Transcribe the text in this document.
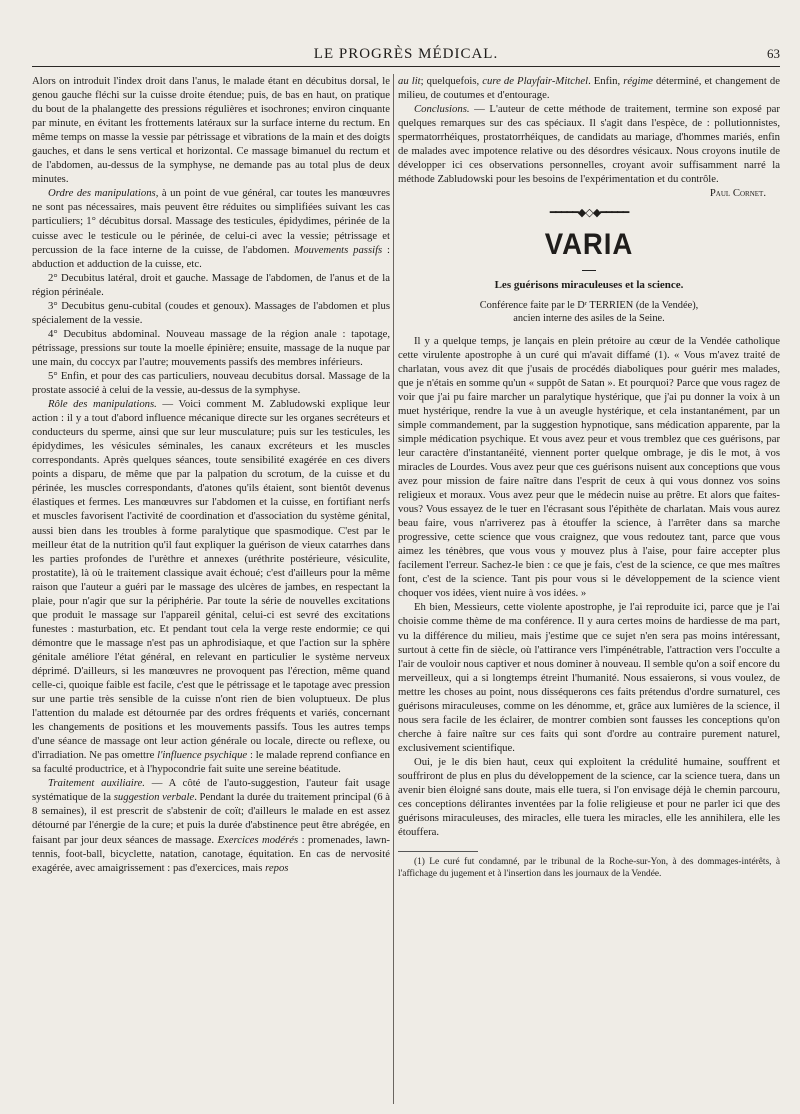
LE PROGRÈS MÉDICAL.	63

Alors on introduit l'index droit dans l'anus, le malade étant en décubitus dorsal, le genou gauche fléchi sur la cuisse droite étendue; puis, de bas en haut, on pratique du bout de la phalangette des pressions régulières et isochrones; environ cinquante par minute, en évitant les frottements latéraux sur la surface interne du rectum. En même temps on masse la vessie par pétrissage et vibrations de la main et des doigts gauches, et dans le sens vertical et horizontal. Ce massage bimanuel du rectum et de l'abdomen, au-dessus de la symphyse, ne demande pas au total plus de deux minutes.

Ordre des manipulations, à un point de vue général, car toutes les manœuvres ne sont pas nécessaires, mais peuvent être réduites ou simplifiées suivant les cas particuliers; 1° décubitus dorsal. Massage des testicules, épidydimes, périnée de la cuisse avec le testicule ou le périnée, de celui-ci avec la vessie; pétrissage et percussion de la face interne de la cuisse, de l'abdomen. Mouvements passifs : abduction et adduction de la cuisse, etc.

2° Decubitus latéral, droit et gauche. Massage de l'abdomen, de l'anus et de la région périnéale.

3° Decubitus genu-cubital (coudes et genoux). Massages de l'abdomen et plus spécialement de la vessie.

4° Decubitus abdominal. Nouveau massage de la région anale : tapotage, pétrissage, pressions sur toute la moelle épinière; ensuite, massage de la nuque par une main, du coccyx par l'autre; mouvements passifs des membres inférieurs.

5° Enfin, et pour des cas particuliers, nouveau decubitus dorsal. Massage de la prostate associé à celui de la vessie, au-dessus de la symphyse.

Rôle des manipulations. — Voici comment M. Zabludowski explique leur action : il y a tout d'abord influence mécanique directe sur les organes secréteurs et conducteurs du sperme, ainsi que sur leur musculature; puis sur les testicules, les épidydimes, les vésicules séminales, les canaux excréteurs et les muscles correspondants. Après quelques séances, toute sensibilité exagérée en ces divers points a disparu, de même que par la palpation du scrotum, de la cuisse et du périnée, les muscles correspondants, d'atones qu'ils étaient, sont bientôt devenus élastiques et fermes. Les manœuvres sur l'abdomen et la cuisse, en fortifiant nerfs et muscles favorisent l'activité de coordination et d'association du système génital, aussi bien dans les troubles à forme paralytique que spasmodique. C'est par le meilleur état de la nutrition qu'il faut expliquer la guérison de vieux catarrhes dans les parties profondes de l'urèthre et annexes (uréthrite postérieure, vésiculite, prostatite), là où le traitement classique avait échoué; c'est d'ailleurs pour la même raison que l'auteur a guéri par le massage des ulcères de jambes, en respectant la plaie, pour n'agir que sur la périphérie. Par toute la série de nouvelles excitations que produit le massage sur l'appareil génital, celui-ci est sevré des excitations funestes : masturbation, etc. Et pendant tout cela la verge reste endormie; ce qui démontre que le massage n'est pas un aphrodisiaque, et que l'action sur la sphère génitale améliore l'état général, en relevant en particulier le système nerveux déprimé. D'ailleurs, si les manœuvres ne provoquent pas l'érection, même quand celle-ci, quoique faible est facile, c'est que le pétrissage et le tapotage avec pression sur une partie très sensible de la cuisse n'ont rien de bien voluptueux. De plus l'attention du malade est détournée par des ordres fréquents et variés, concernant les changements de positions et les mouvements passifs. Tous les autres temps d'une séance de massage ont leur action générale ou locale, directe ou reflexe, ou d'irradiation. Ne pas omettre l'influence psychique : le malade reprend confiance en sa faculté productrice, et à l'hypocondrie fait suite une sereine béatitude.

Traitement auxiliaire. — A côté de l'auto-suggestion, l'auteur fait usage systématique de la suggestion verbale. Pendant la durée du traitement principal (6 à 8 semaines), il est prescrit de s'abstenir de coït; d'ailleurs le malade en est assez détourné par l'énergie de la cure; et puis la durée d'abstinence peut être abrégée, en faisant par jour deux séances de massage. Exercices modérés : promenades, lawn-tennis, foot-ball, bicyclette, natation, canotage, équitation. En cas de nervosité exagérée, avec amaigrissement : pas d'exercices, mais repos

au lit; quelquefois, cure de Playfair-Mitchel. Enfin, régime déterminé, et changement de milieu, de coutumes et d'entourage.

Conclusions. — L'auteur de cette méthode de traitement, termine son exposé par quelques remarques sur des cas spéciaux. Il s'agit dans l'espèce, de : pollutionnistes, spermatorrhéiques, prostatorrhéiques, de candidats au mariage, d'hommes mariés, enfin de malades avec impotence relative ou des désordres vésicaux. Nous croyons inutile de développer ici ces observations personnelles, croyant avoir suffisamment narré la méthode Zabludowski pour les besoins de l'expérimentation et du contrôle.
Paul Cornet.

━━━━━◆◇◆━━━━━
VARIA
Les guérisons miraculeuses et la science.
Conférence faite par le Dʳ TERRIEN (de la Vendée),
ancien interne des asiles de la Seine.

Il y a quelque temps, je lançais en plein prétoire au cœur de la Vendée catholique cette virulente apostrophe à un curé qui m'avait diffamé (1). « Vous m'avez traité de charlatan, vous avez dit que j'usais de procédés diaboliques pour guérir mes malades, que je n'étais en somme qu'un « suppôt de Satan ». Et pourquoi? Parce que vous ragez de voir que j'ai pu faire marcher un paralytique hystérique, que j'ai pu donner la voix à un muet hystérique, rendre la vue à un aveugle hystérique, et cela instantanément, par un simple commandement, par la suggestion hypnotique, sans médication apparente, par la simple médication psychique. Et vous avez peur et vous tremblez que ces guérisons, par leur caractère d'instantanéité, viennent porter quelque ombrage, je dis le mot, à vos miracles de Lourdes. Vous avez peur que ces guérisons nuisent aux conceptions que vous avez pour mission de faire naître dans l'esprit de ceux à qui vous donnez vos soins religieux et moraux. Vous avez peur que le médecin nuise au prêtre. Et alors que faites-vous? Vous essayez de le tuer en l'écrasant sous l'épithète de charlatan. Mais vous aurez beau faire, vous n'arriverez pas à étouffer la science, à l'arrêter dans sa marche progressive, cette science que vous craignez, que vous redoutez tant, parce que vous aimez les ténèbres, que vous vous y mouvez plus à l'aise, pour faire accepter plus facilement l'erreur. Sachez-le bien : ce que je fais, c'est de la science, ce que mes maîtres font, c'est de la science. Tant pis pour vous si le développement de la science vient choquer vos idées, vient nuire à vos idées. »

Eh bien, Messieurs, cette violente apostrophe, je l'ai reproduite ici, parce que je l'ai choisie comme thème de ma conférence. Il y aura certes moins de hardiesse de ma part, vu la différence du milieu, mais j'estime que ce sujet n'en sera pas moins intéressant, surtout à cette fin de siècle, où l'attirance vers l'impénétrable, l'attraction vers l'occulte a l'air de vouloir nous captiver et nous dominer à nouveau. Il semble qu'on a soif encore du merveilleux, qui a si longtemps étreint l'humanité. Nous essaierons, si vous voulez, de mettre les choses au point, nous disséquerons ces faits prétendus d'ordre surnaturel, ces guérisons miraculeuses, comme on les dénomme, et, grâce aux lumières de la science, il nous sera facile de les éclairer, de montrer combien sont fausses les conceptions qu'on cherche à faire naître sur ces faits qui sont d'ordre au contraire purement naturel, exclusivement scientifique.

Oui, je le dis bien haut, ceux qui exploitent la crédulité humaine, souffrent et souffriront de plus en plus du développement de la science, car la science tuera, dans un avenir bien éloigné sans doute, mais elle tuera, si l'on envisage déjà le chemin parcouru, ces conceptions délirantes inventées par la folie religieuse et pour ne parler ici que des guérisons miraculeuses, des miracles, elle tuera les miracles, elle les annihilera, elle les étouffera.

(1) Le curé fut condamné, par le tribunal de la Roche-sur-Yon, à des dommages-intérêts, à l'affichage du jugement et à l'insertion dans les journaux de la Vendée.
